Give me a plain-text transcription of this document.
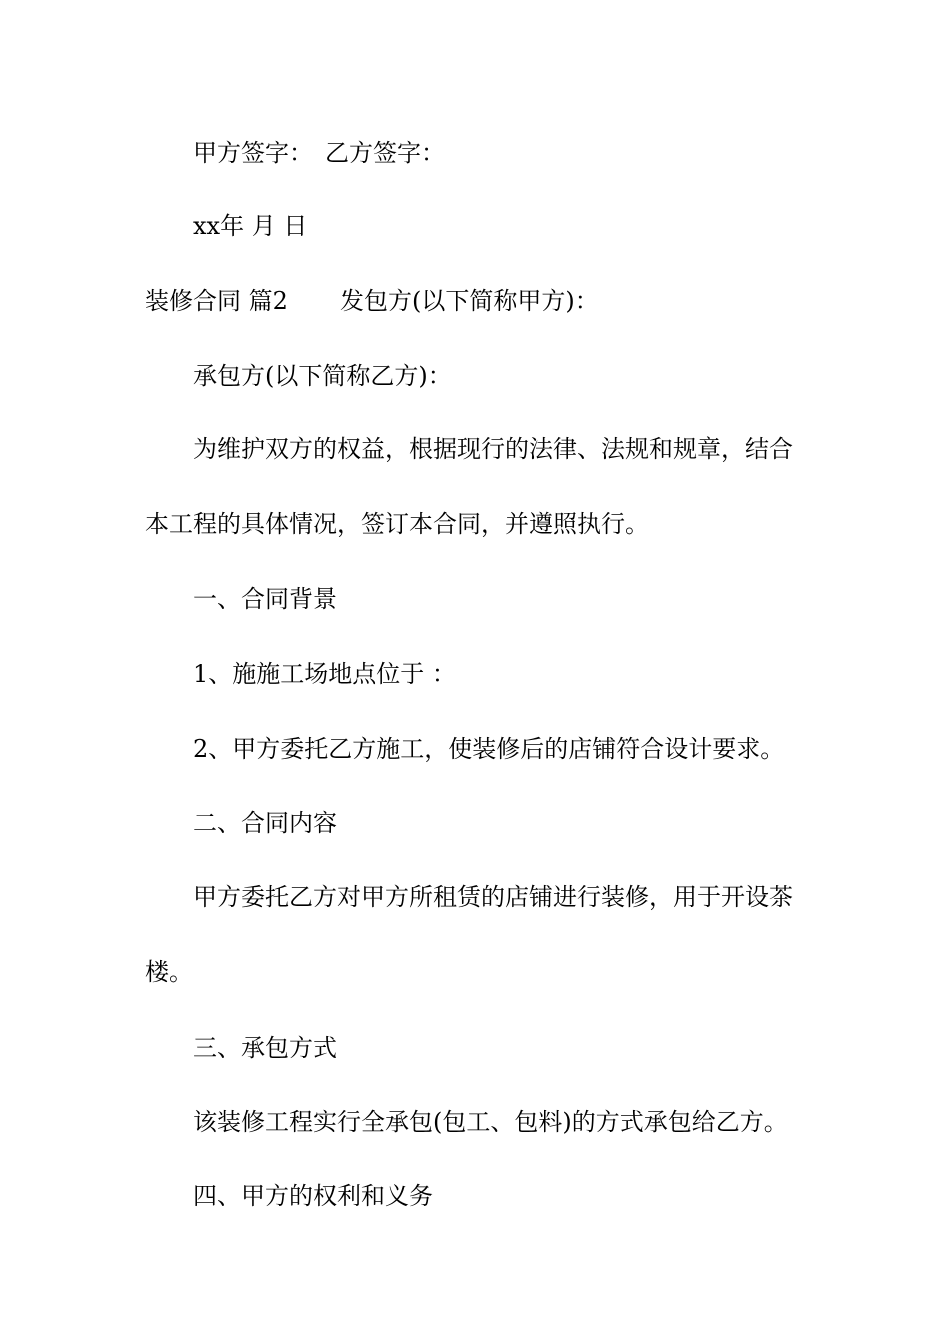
甲方签字： 乙方签字：
xx年 月 日
装修合同 篇2 发包方(以下简称甲方)：
承包方(以下简称乙方)：
为维护双方的权益，根据现行的法律、法规和规章，结合
本工程的具体情况，签订本合同，并遵照执行。
一、合同背景
1、施施工场地点位于 ：
2、甲方委托乙方施工，使装修后的店铺符合设计要求。
二、合同内容
甲方委托乙方对甲方所租赁的店铺进行装修，用于开设茶
楼。
三、承包方式
该装修工程实行全承包(包工、包料)的方式承包给乙方。
四、甲方的权利和义务
